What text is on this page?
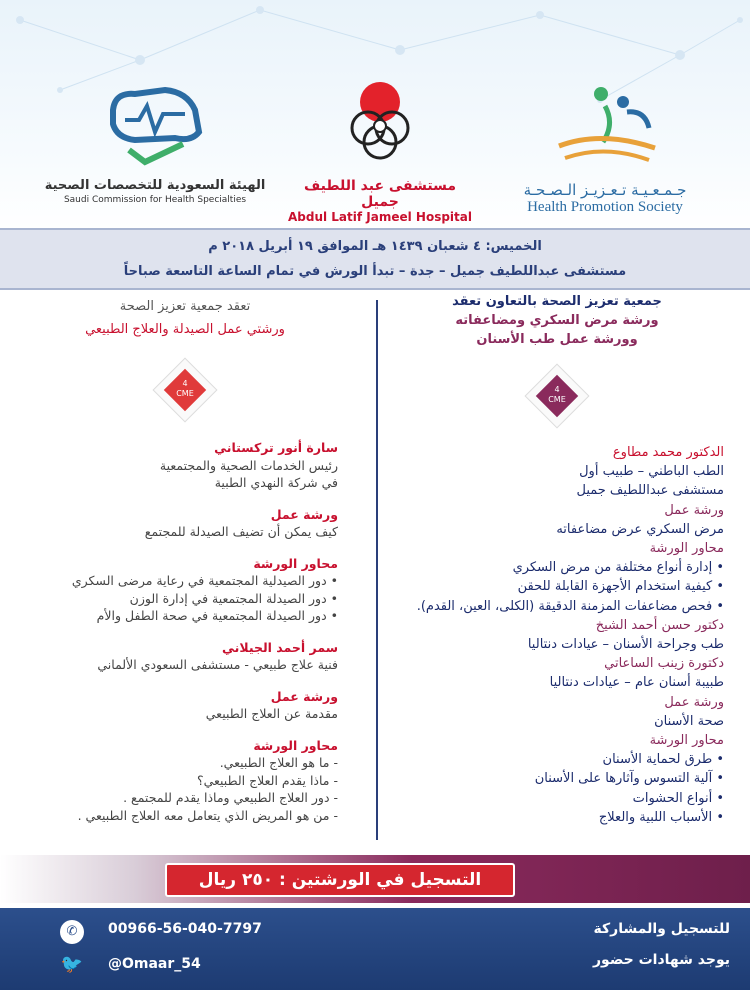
الهيئة السعودية للتخصصات الصحية
Saudi Commission for Health Specialties
مستشفى عبد اللطيف جميل
Abdul Latif Jameel Hospital
جـمـعـيـة تـعـزيـز الـصـحـة
Health Promotion Society
الخميس: ٤ شعبان ١٤٣٩ هـ الموافق ١٩ أبريل ٢٠١٨ م
مستشفى عبداللطيف جميل – جدة – تبدأ الورش في تمام الساعة التاسعة صباحاً
جمعية تعزيز الصحة بالتعاون تعقد
ورشة مرض السكري ومضاعفاته
وورشة عمل طب الأسنان
4
CME
الدكتور محمد مطاوع
الطب الباطني – طبيب أول
مستشفى عبداللطيف جميل
ورشة عمل
مرض السكري عرض مضاعفاته
محاور الورشة
• إدارة أنواع مختلفة من مرض السكري
• كيفية استخدام الأجهزة القابلة للحقن
• فحص مضاعفات المزمنة الدقيقة (الكلى، العين، القدم).
دكتور حسن أحمد الشيخ
طب وجراحة الأسنان – عيادات دنتاليا
دكتورة زينب الساعاتي
طبيبة أسنان عام – عيادات دنتاليا
ورشة عمل
صحة الأسنان
محاور الورشة
• طرق لحماية الأسنان
• آلية التسوس وآثارها على الأسنان
• أنواع الحشوات
• الأسباب اللبية والعلاج
تعقد جمعية تعزيز الصحة
ورشتي عمل الصيدلة والعلاج الطبيعي
4
CME
سارة أنور تركستاني
رئيس الخدمات الصحية والمجتمعية
في شركة النهدي الطبية
ورشة عمل
كيف يمكن أن تضيف الصيدلة للمجتمع
محاور الورشة
• دور الصيدلية المجتمعية في رعاية مرضى السكري
• دور الصيدلة المجتمعية في إدارة الوزن
• دور الصيدلة المجتمعية في صحة الطفل والأم
سمر أحمد الجيلاني
فنية علاج طبيعي - مستشفى السعودي الألماني
ورشة عمل
مقدمة عن العلاج الطبيعي
محاور الورشة
- ما هو العلاج الطبيعي.
- ماذا يقدم العلاج الطبيعي؟
- دور العلاج الطبيعي وماذا يقدم للمجتمع .
- من هو المريض الذي يتعامل معه العلاج الطبيعي .
التسجيل في الورشتين : ٢٥٠ ريال
✆	00966-56-040-7797
🐦 @Omaar_54
للتسجيل والمشاركة
يوجد شهادات حضور
